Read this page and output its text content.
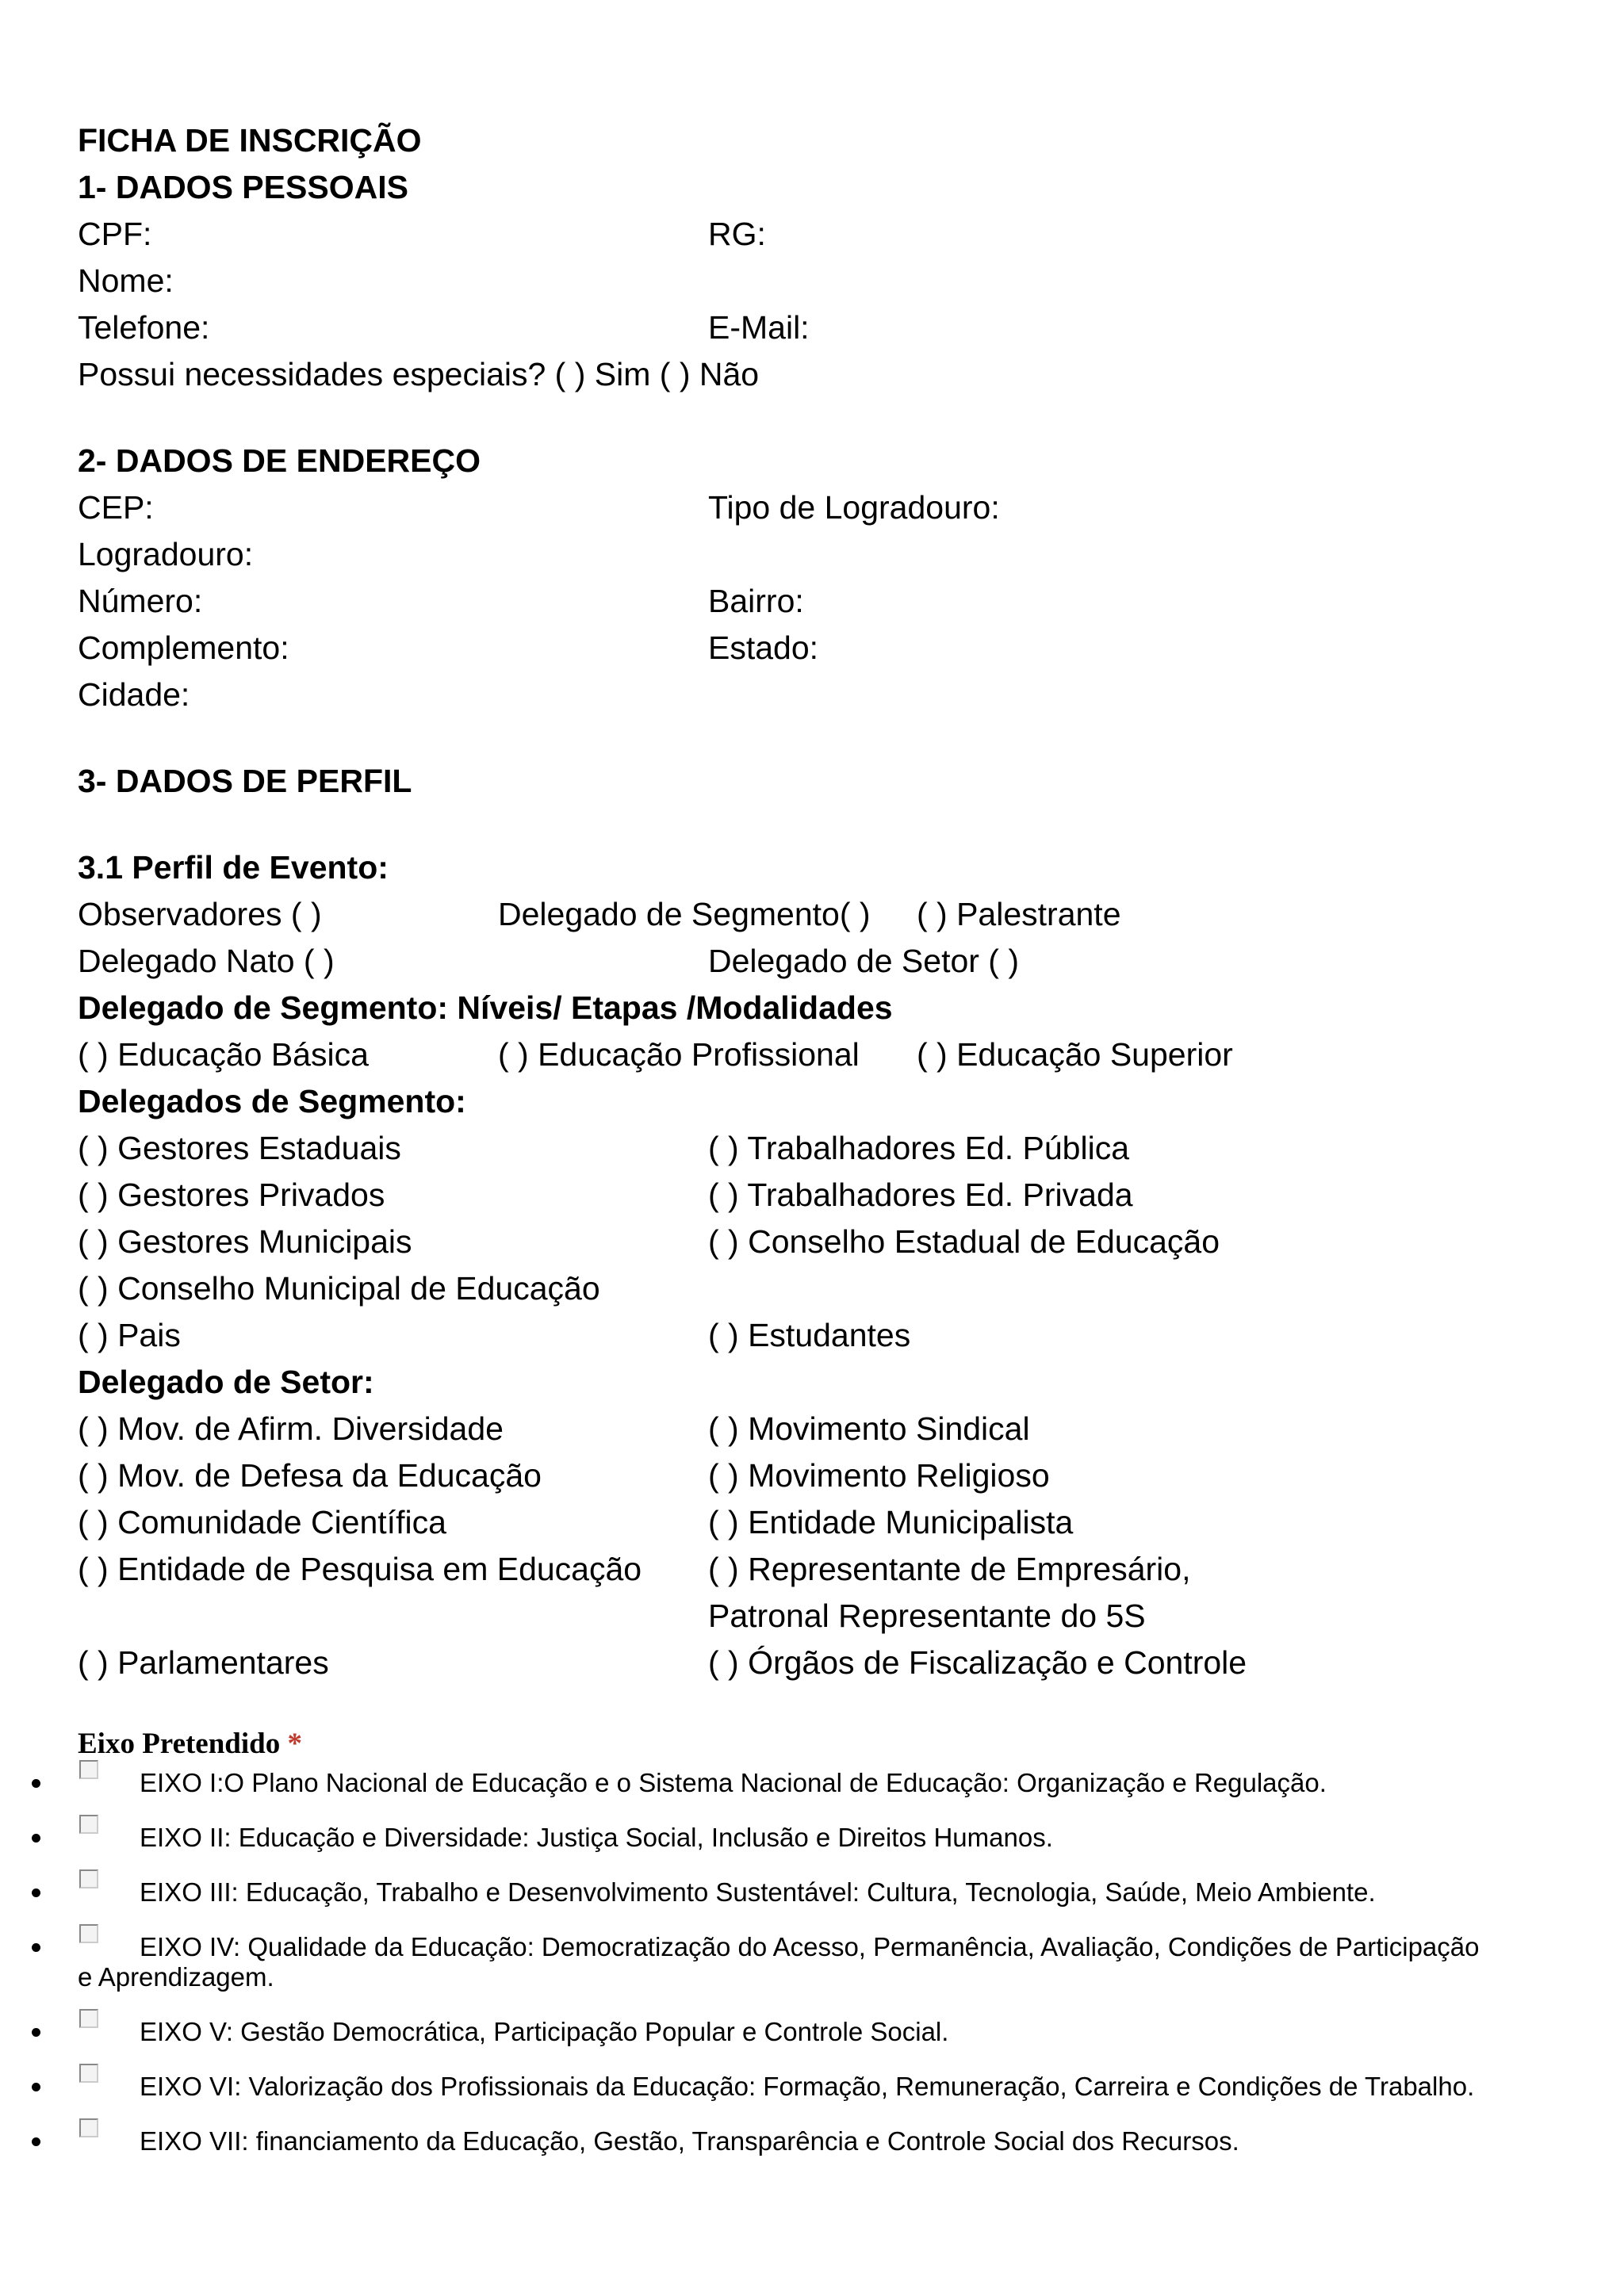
FICHA DE INSCRIÇÃO
1- DADOS PESSOAIS
CPF:	RG:
Nome:
Telefone:	E-Mail:
Possui necessidades especiais? ( ) Sim ( ) Não
2- DADOS DE ENDEREÇO
CEP:	Tipo de Logradouro:
Logradouro:
Número:	Bairro:
Complemento:	Estado:
Cidade:
3- DADOS DE PERFIL
3.1 Perfil de Evento:
Observadores ( )	Delegado de Segmento( ) ( ) Palestrante
Delegado Nato ( )	Delegado de Setor ( )
Delegado de Segmento: Níveis/ Etapas /Modalidades
( ) Educação Básica	( ) Educação Profissional ( ) Educação Superior
Delegados de Segmento:
( ) Gestores Estaduais	( ) Trabalhadores Ed. Pública
( ) Gestores Privados	( ) Trabalhadores Ed. Privada
( ) Gestores Municipais	( ) Conselho Estadual de Educação
( ) Conselho Municipal de Educação
( ) Pais	( ) Estudantes
Delegado de Setor:
( ) Mov. de Afirm. Diversidade	( ) Movimento Sindical
( ) Mov. de Defesa da Educação	( ) Movimento Religioso
( ) Comunidade Científica	( ) Entidade Municipalista
( ) Entidade de Pesquisa em Educação ( ) Representante de Empresário,
Patronal Representante do 5S
( ) Parlamentares	( ) Órgãos de Fiscalização e Controle
Eixo Pretendido *
EIXO I:O Plano Nacional de Educação e o Sistema Nacional de Educação: Organização e Regulação.
EIXO II: Educação e Diversidade: Justiça Social, Inclusão e Direitos Humanos.
EIXO III: Educação, Trabalho e Desenvolvimento Sustentável: Cultura, Tecnologia, Saúde, Meio Ambiente.
EIXO IV: Qualidade da Educação: Democratização do Acesso, Permanência, Avaliação, Condições de Participação
e Aprendizagem.
EIXO V: Gestão Democrática, Participação Popular e Controle Social.
EIXO VI: Valorização dos Profissionais da Educação: Formação, Remuneração, Carreira e Condições de Trabalho.
EIXO VII: financiamento da Educação, Gestão, Transparência e Controle Social dos Recursos.
